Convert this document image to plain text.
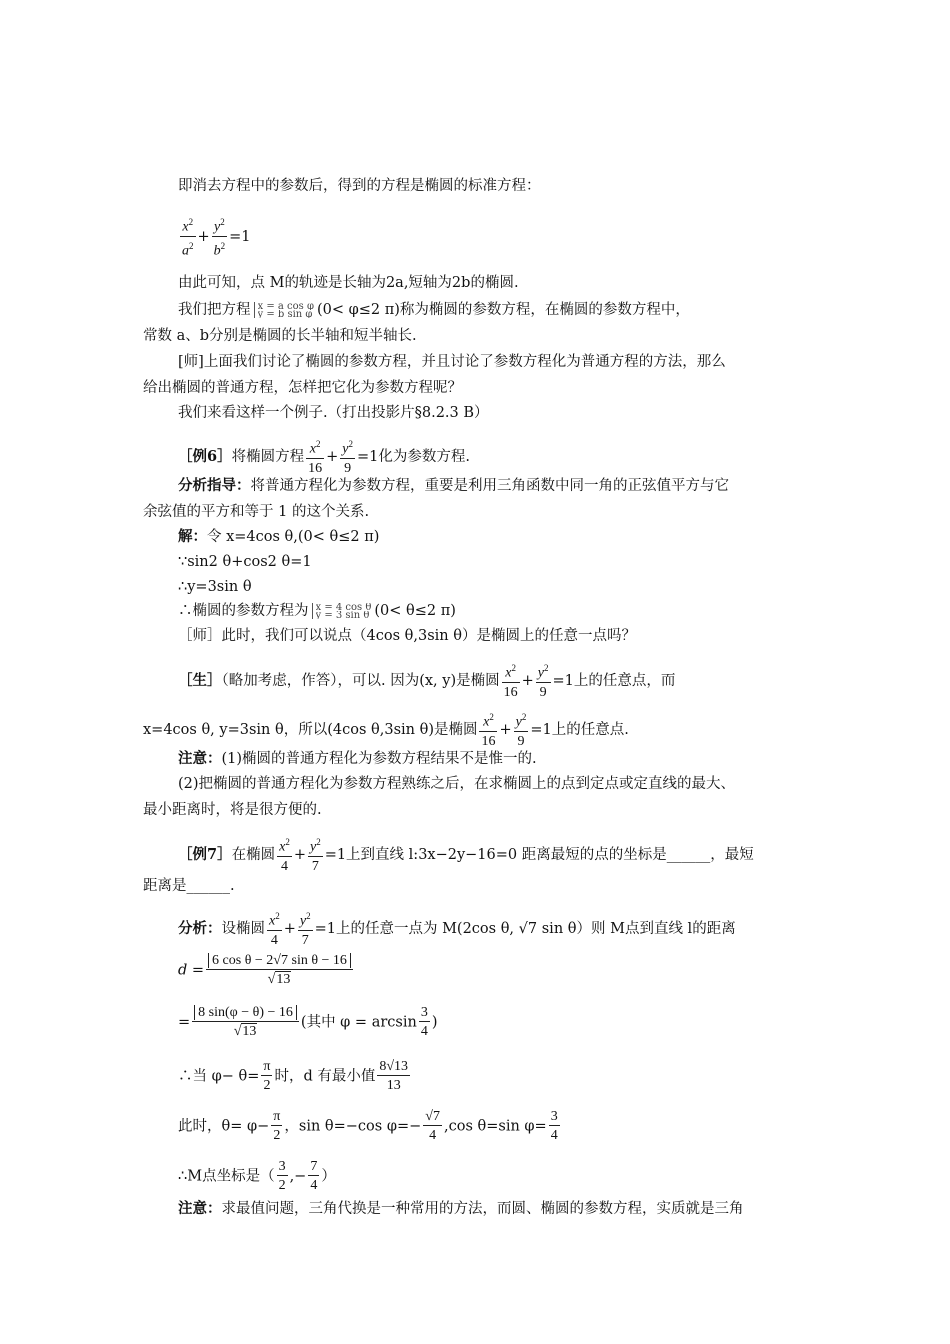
即消去方程中的参数后，得到的方程是椭圆的标准方程：
$\frac{x^2}{a^2} + \frac{y^2}{b^2} =1$
由此可知，点 M的轨迹是长轴为2a,短轴为2b的椭圆.
我们把方程 x = a cos φ
y = b sin φ (0< φ≤2 π)称为椭圆的参数方程，在椭圆的参数方程中，
常数 a、b分别是椭圆的长半轴和短半轴长.
[师]上面我们讨论了椭圆的参数方程，并且讨论了参数方程化为普通方程的方法，那么
给出椭圆的普通方程，怎样把它化为参数方程呢？
我们来看这样一个例子.（打出投影片§8.2.3 B）
［例6］将椭圆方程 $\frac{x^2}{16} + \frac{y^2}{9} =1$化为参数方程.
分析指导：将普通方程化为参数方程，重要是利用三角函数中同一角的正弦值平方与它
余弦值的平方和等于 1 的这个关系.
解：令 x=4cos θ,(0< θ≤2 π)
∵sin2 θ+cos2 θ=1
∴y=3sin θ
∴椭圆的参数方程为 x = 4 cos θ
y = 3 sin θ (0< θ≤2 π)
［师］此时，我们可以说点（4cos θ,3sin θ）是椭圆上的任意一点吗？
［生］（略加考虑，作答），可以. 因为(x, y)是椭圆 $\frac{x^2}{16} + \frac{y^2}{9} =1$上的任意点，而
x=4cos θ, y=3sin θ，所以(4cos θ,3sin θ)是椭圆 $\frac{x^2}{16} + \frac{y^2}{9} =1$上的任意点.
注意：(1)椭圆的普通方程化为参数方程结果不是惟一的.
(2)把椭圆的普通方程化为参数方程熟练之后，在求椭圆上的点到定点或定直线的最大、
最小距离时，将是很方便的.
［例7］在椭圆 $\frac{x^2}{4} + \frac{y^2}{7} =1$上到直线 l:3x−2y−16=0 距离最短的点的坐标是______，最短
距离是______.
分析：设椭圆 $\frac{x^2}{4} + \frac{y^2}{7} =1$上的任意一点为 M(2cos θ, √7 sin θ）则 M点到直线 l的距离
$d = \frac{\text{6 cos θ − 2√7 sin θ − 16}}{√13}$
= $\frac{8 \sin(\varphi - \theta) - 16}{√13}$ (其中 $\varphi = \arcsin \frac{3}{4}$ )
∴当 $\varphi- \theta= \frac{\pi}{2}$ 时，d 有最小值 $\frac{8√13}{13}$
此时，$\theta= \varphi- \frac{\pi}{2}$ ，sin θ=−cos $\varphi=- \frac{√7}{4} ,\cos$ θ=sin $\varphi= \frac{3}{4}$
∴M点坐标是（ $\frac{3}{2}$ ,− $\frac{7}{4}$ ）
注意：求最值问题，三角代换是一种常用的方法，而圆、椭圆的参数方程，实质就是三角
